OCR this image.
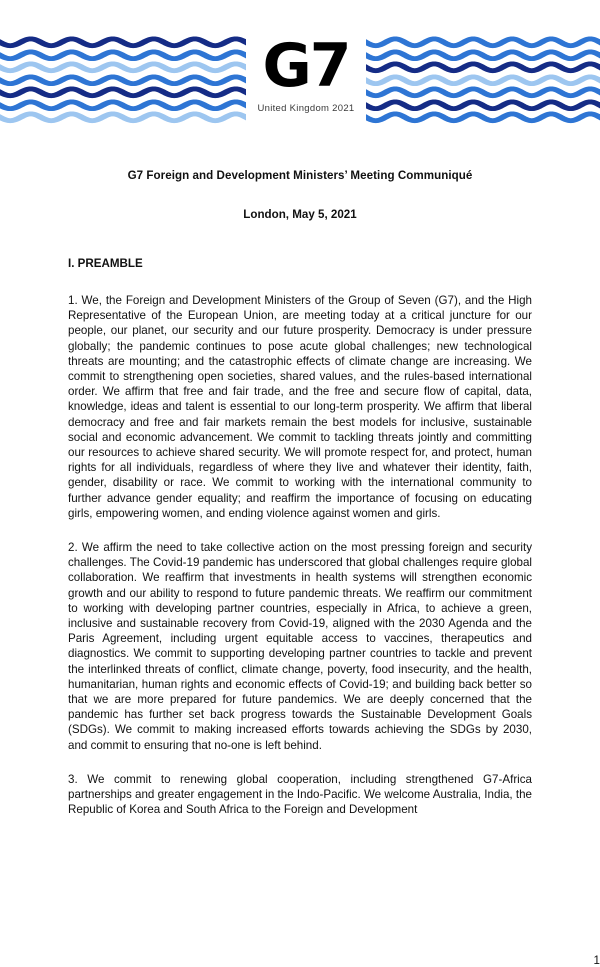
G7
United Kingdom 2021
G7 Foreign and Development Ministers’ Meeting Communiqué
London, May 5, 2021
I. PREAMBLE

1. We, the Foreign and Development Ministers of the Group of Seven (G7), and the High Representative of the European Union, are meeting today at a critical juncture for our people, our planet, our security and our future prosperity. Democracy is under pressure globally; the pandemic continues to pose acute global challenges; new technological threats are mounting; and the catastrophic effects of climate change are increasing. We commit to strengthening open societies, shared values, and the rules-based international order. We affirm that free and fair trade, and the free and secure flow of capital, data, knowledge, ideas and talent is essential to our long-term prosperity. We affirm that liberal democracy and free and fair markets remain the best models for inclusive, sustainable social and economic advancement. We commit to tackling threats jointly and committing our resources to achieve shared security. We will promote respect for, and protect, human rights for all individuals, regardless of where they live and whatever their identity, faith, gender, disability or race. We commit to working with the international community to further advance gender equality; and reaffirm the importance of focusing on educating girls, empowering women, and ending violence against women and girls.

2. We affirm the need to take collective action on the most pressing foreign and security challenges. The Covid-19 pandemic has underscored that global challenges require global collaboration. We reaffirm that investments in health systems will strengthen economic growth and our ability to respond to future pandemic threats. We reaffirm our commitment to working with developing partner countries, especially in Africa, to achieve a green, inclusive and sustainable recovery from Covid-19, aligned with the 2030 Agenda and the Paris Agreement, including urgent equitable access to vaccines, therapeutics and diagnostics. We commit to supporting developing partner countries to tackle and prevent the interlinked threats of conflict, climate change, poverty, food insecurity, and the health, humanitarian, human rights and economic effects of Covid-19; and building back better so that we are more prepared for future pandemics. We are deeply concerned that the pandemic has further set back progress towards the Sustainable Development Goals (SDGs). We commit to making increased efforts towards achieving the SDGs by 2030, and commit to ensuring that no-one is left behind.

3. We commit to renewing global cooperation, including strengthened G7-Africa partnerships and greater engagement in the Indo-Pacific. We welcome Australia, India, the Republic of Korea and South Africa to the Foreign and Development

1
